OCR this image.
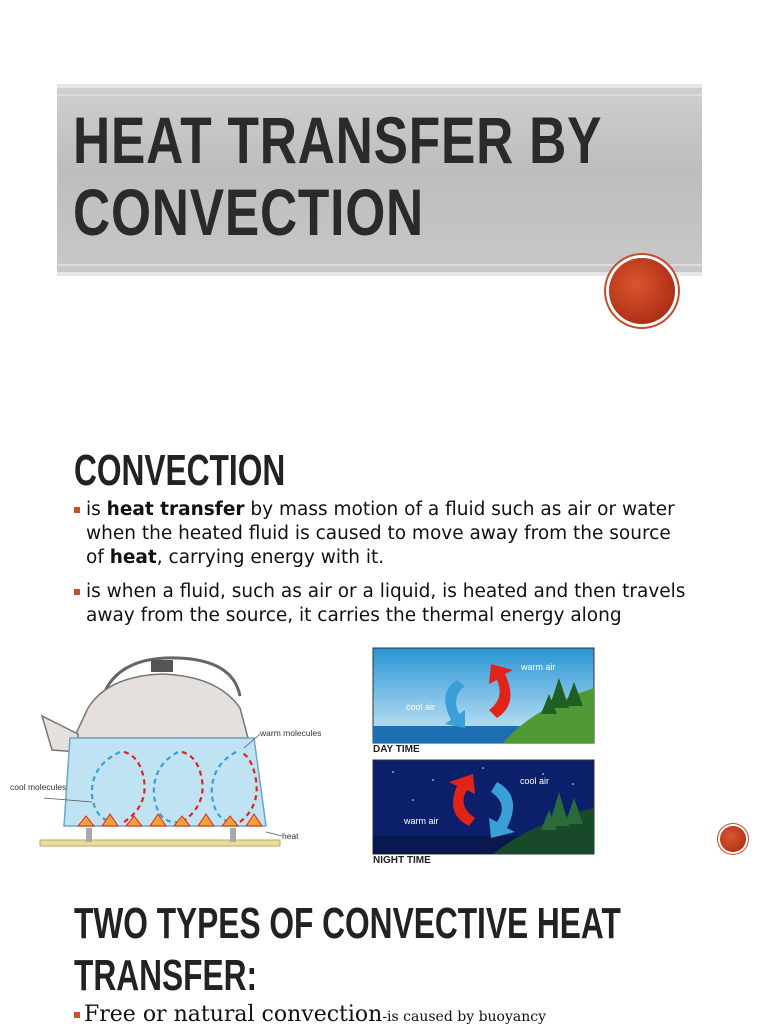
HEAT TRANSFER BY
CONVECTION
CONVECTION
is heat transfer by mass motion of a fluid such as air or water when the heated fluid is caused to move away from the source of heat, carrying energy with it.
is when a fluid, such as air or a liquid, is heated and then travels away from the source, it carries the thermal energy along
warm molecules
cool molecules
heat
cool air
warm air
DAY TIME
cool air
warm air
NIGHT TIME
TWO TYPES OF CONVECTIVE HEAT
TRANSFER:
Free or natural convection-is caused by buoyancy
